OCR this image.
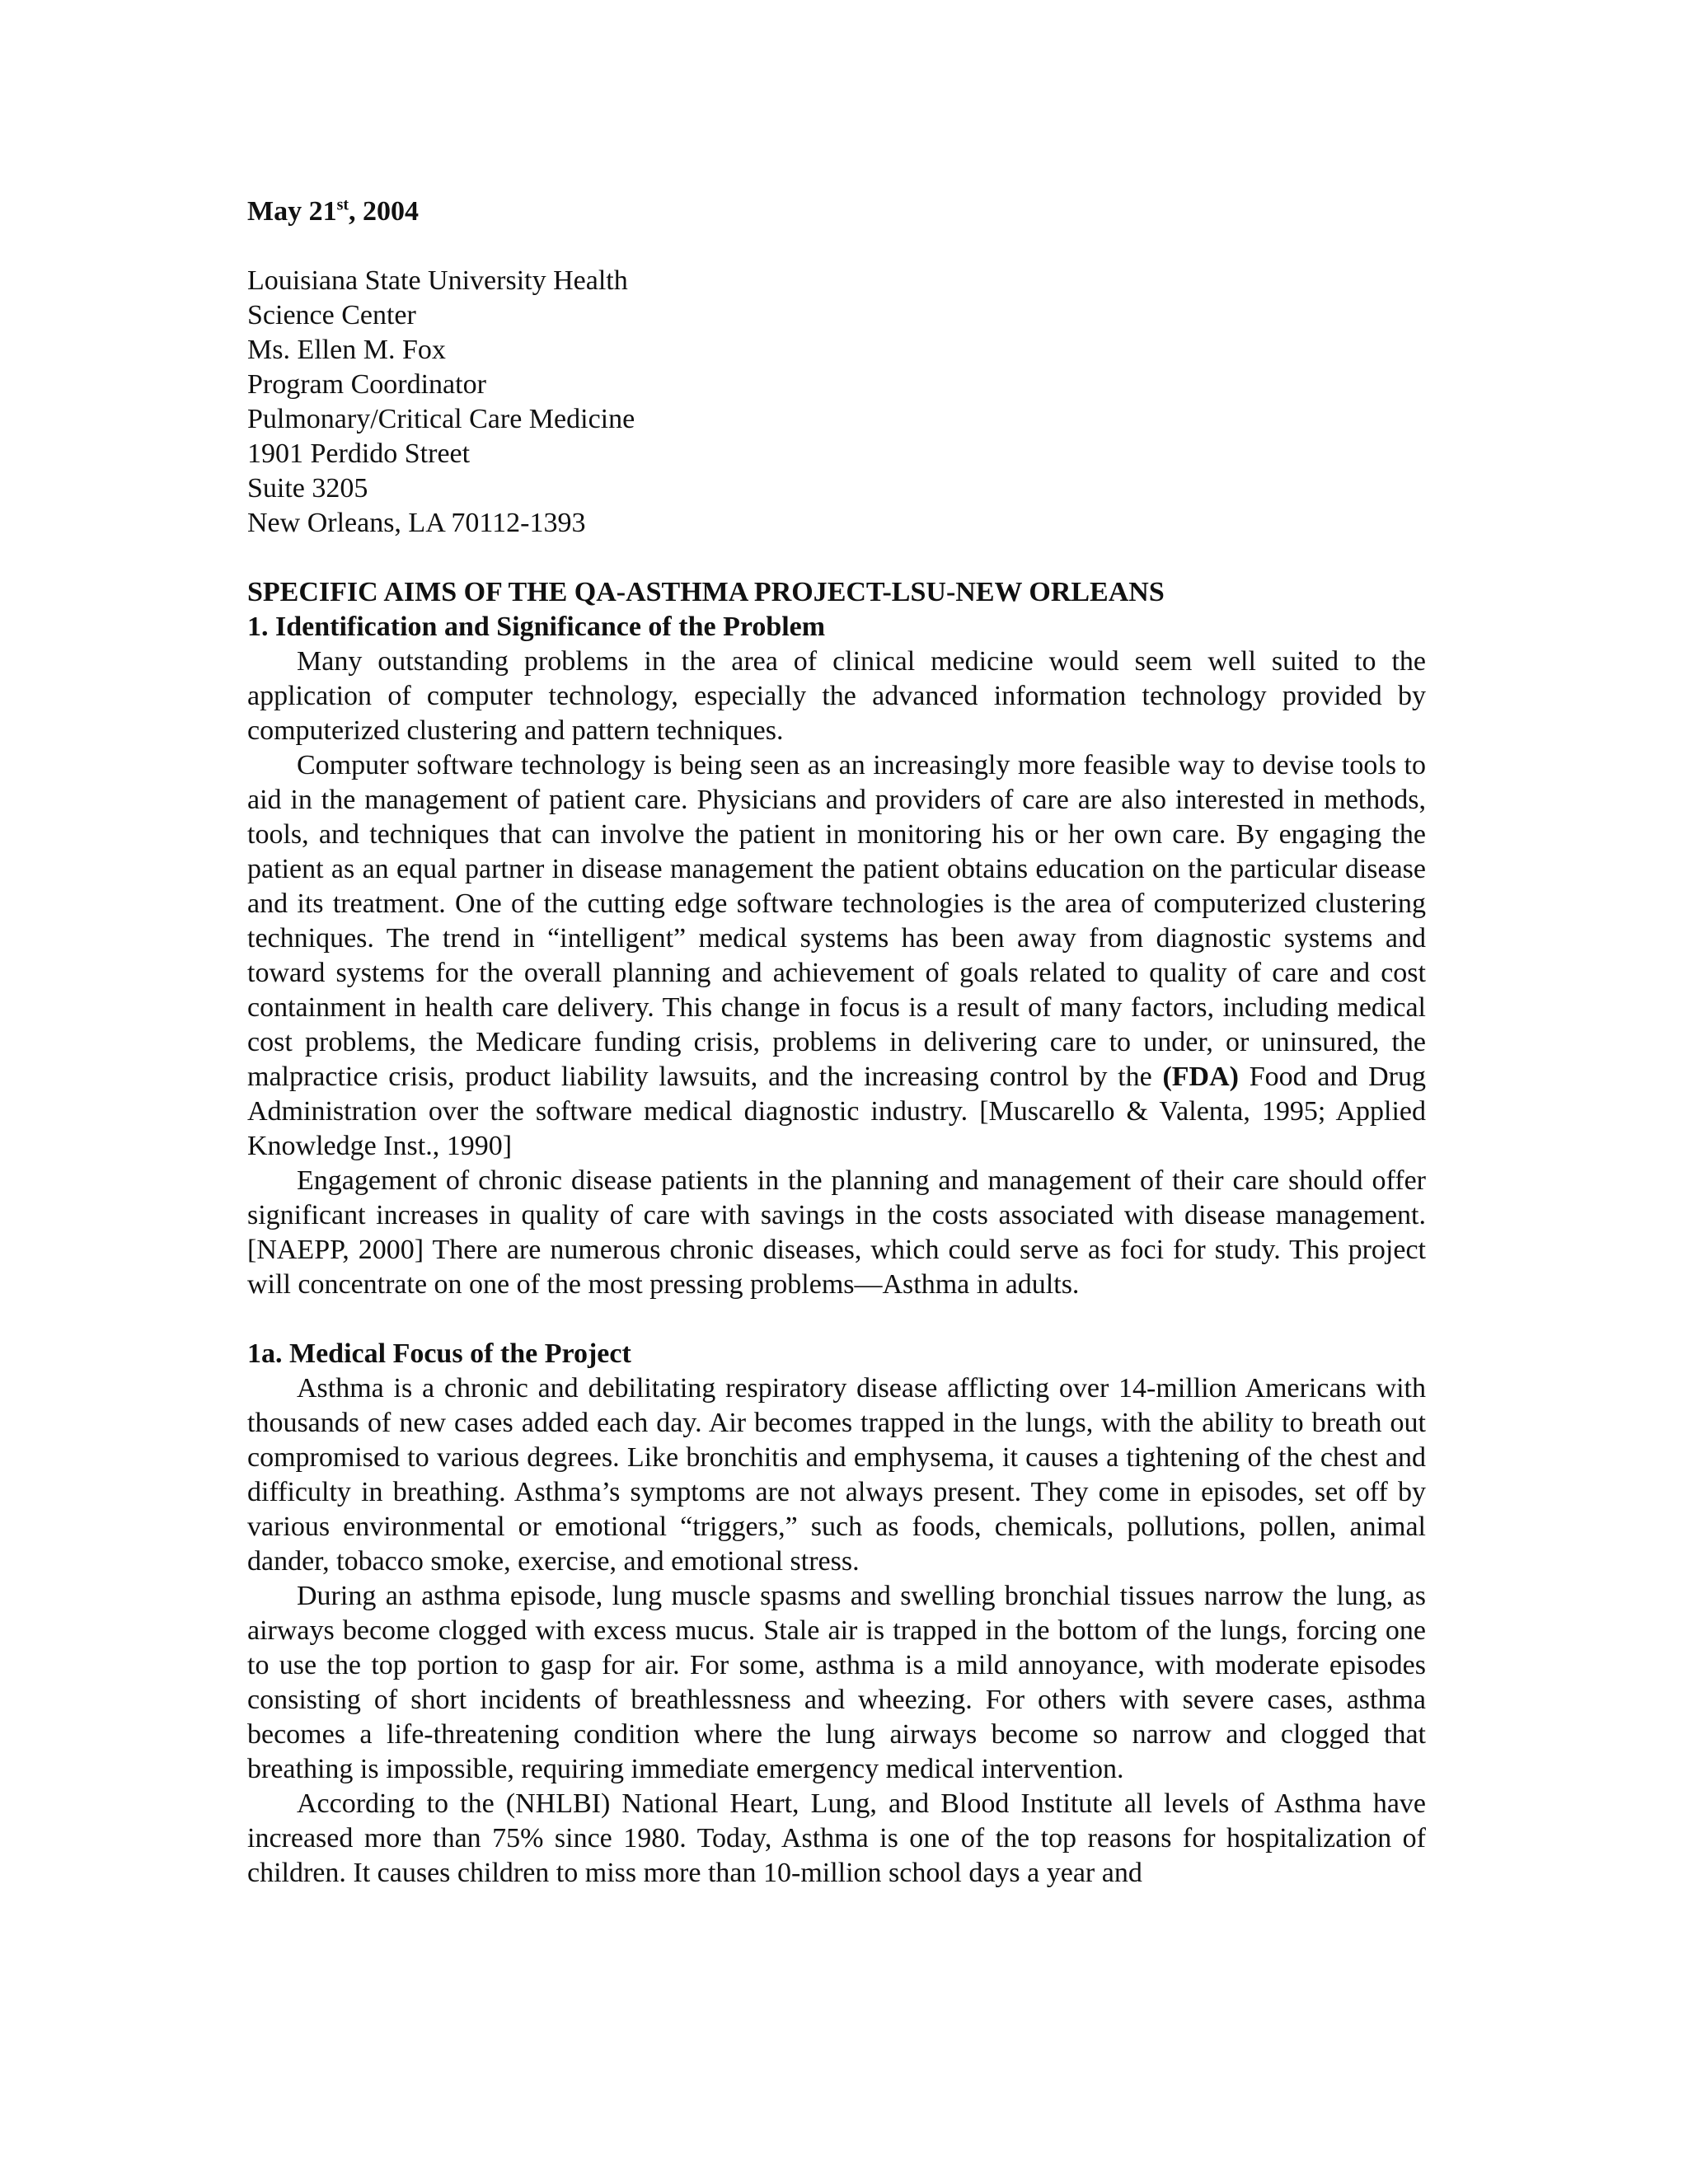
May 21st, 2004

Louisiana State University Health
Science Center
Ms. Ellen M. Fox
Program Coordinator
Pulmonary/Critical Care Medicine
1901 Perdido Street
Suite 3205
New Orleans, LA 70112-1393

SPECIFIC AIMS OF THE QA-ASTHMA PROJECT-LSU-NEW ORLEANS

1. Identification and Significance of the Problem

Many outstanding problems in the area of clinical medicine would seem well suited to the application of computer technology, especially the advanced information technology provided by computerized clustering and pattern techniques.

Computer software technology is being seen as an increasingly more feasible way to devise tools to aid in the management of patient care. Physicians and providers of care are also interested in methods, tools, and techniques that can involve the patient in monitoring his or her own care. By engaging the patient as an equal partner in disease management the patient obtains education on the particular disease and its treatment. One of the cutting edge software technologies is the area of computerized clustering techniques. The trend in “intelligent” medical systems has been away from diagnostic systems and toward systems for the overall planning and achievement of goals related to quality of care and cost containment in health care delivery. This change in focus is a result of many factors, including medical cost problems, the Medicare funding crisis, problems in delivering care to under, or uninsured, the malpractice crisis, product liability lawsuits, and the increasing control by the (FDA) Food and Drug Administration over the software medical diagnostic industry. [Muscarello & Valenta, 1995; Applied Knowledge Inst., 1990]

Engagement of chronic disease patients in the planning and management of their care should offer significant increases in quality of care with savings in the costs associated with disease management. [NAEPP, 2000] There are numerous chronic diseases, which could serve as foci for study. This project will concentrate on one of the most pressing problems—Asthma in adults.

1a. Medical Focus of the Project

Asthma is a chronic and debilitating respiratory disease afflicting over 14-million Americans with thousands of new cases added each day. Air becomes trapped in the lungs, with the ability to breath out compromised to various degrees. Like bronchitis and emphysema, it causes a tightening of the chest and difficulty in breathing. Asthma’s symptoms are not always present. They come in episodes, set off by various environmental or emotional “triggers,” such as foods, chemicals, pollutions, pollen, animal dander, tobacco smoke, exercise, and emotional stress.

During an asthma episode, lung muscle spasms and swelling bronchial tissues narrow the lung, as airways become clogged with excess mucus. Stale air is trapped in the bottom of the lungs, forcing one to use the top portion to gasp for air. For some, asthma is a mild annoyance, with moderate episodes consisting of short incidents of breathlessness and wheezing. For others with severe cases, asthma becomes a life-threatening condition where the lung airways become so narrow and clogged that breathing is impossible, requiring immediate emergency medical intervention.

According to the (NHLBI) National Heart, Lung, and Blood Institute all levels of Asthma have increased more than 75% since 1980. Today, Asthma is one of the top reasons for hospitalization of children. It causes children to miss more than 10-million school days a year and
